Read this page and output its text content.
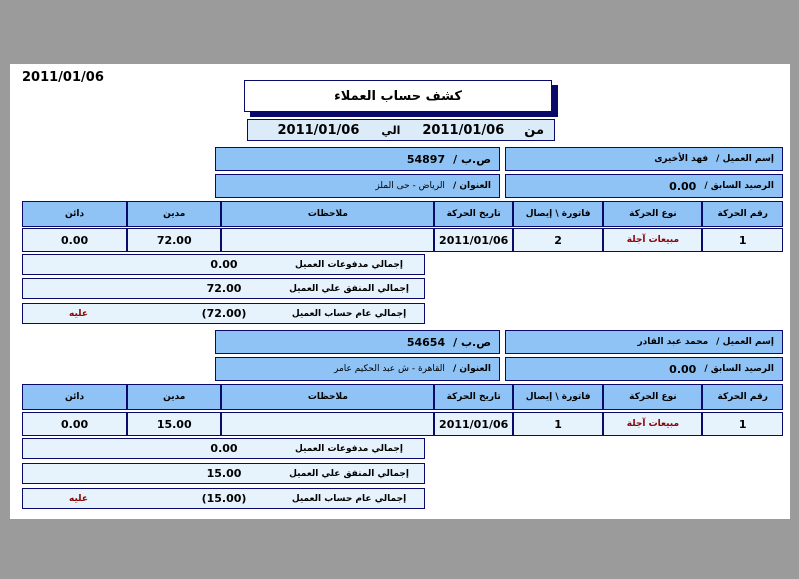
2011/01/06
كشف حساب العملاء
من
2011/01/06
الي
2011/01/06
إسم العميل /
فهد الأخيرى
ص.ب /
54897
الرصيد السابق /
0.00
العنوان /
الرياض - حى الملز
رقم الحركة
نوع الحركة
فاتورة \ إيصال
تاريخ الحركة
ملاحظات
مدين
دائن
1
مبيعات آجلة
2
2011/01/06
72.00
0.00
إجمالي مدفوعات العميل
0.00
إجمالي المنفق علي العميل
72.00
إجمالي عام حساب العميل
(72.00)
عليه
إسم العميل /
محمد عبد القادر
ص.ب /
54654
الرصيد السابق /
0.00
العنوان /
القاهرة - ش عبد الحكيم عامر
رقم الحركة
نوع الحركة
فاتورة \ إيصال
تاريخ الحركة
ملاحظات
مدين
دائن
1
مبيعات آجلة
1
2011/01/06
15.00
0.00
إجمالي مدفوعات العميل
0.00
إجمالي المنفق علي العميل
15.00
إجمالي عام حساب العميل
(15.00)
عليه
